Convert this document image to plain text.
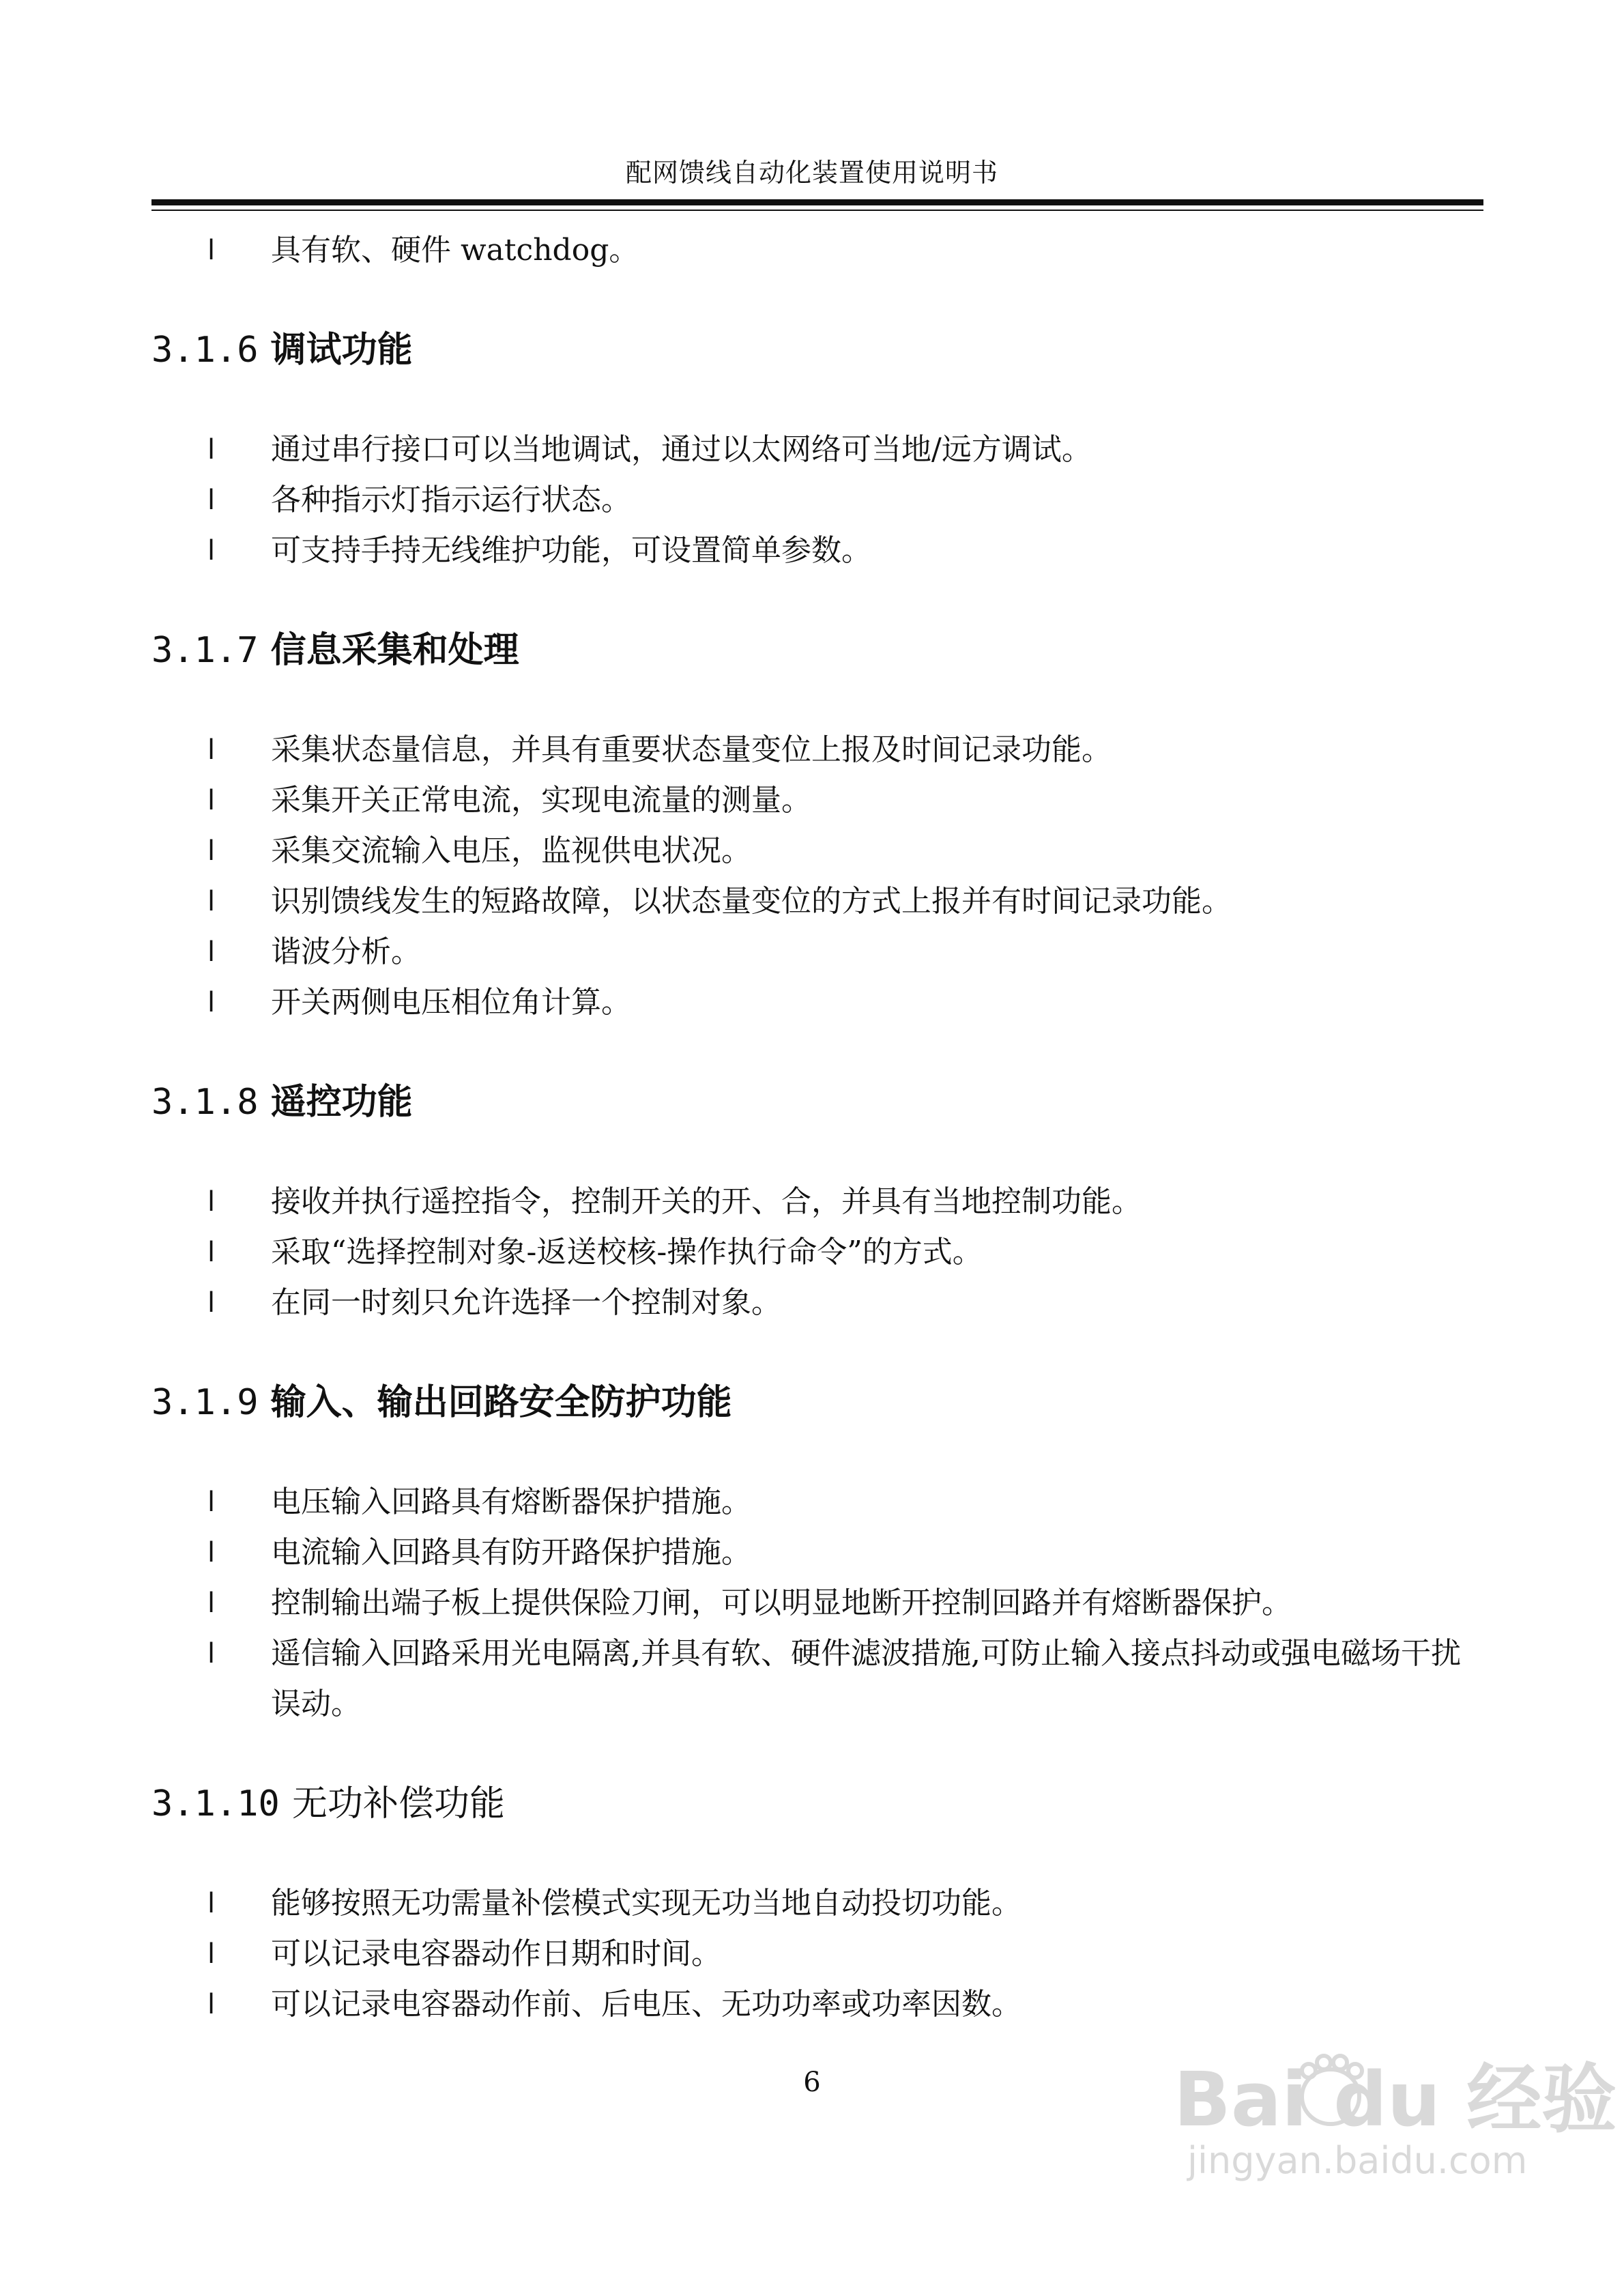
配网馈线自动化装置使用说明书
l 具有软、硬件 watchdog。
3.1.6 调试功能
l 通过串行接口可以当地调试，通过以太网络可当地/远方调试。
l 各种指示灯指示运行状态。
l 可支持手持无线维护功能，可设置简单参数。
3.1.7 信息采集和处理
l 采集状态量信息，并具有重要状态量变位上报及时间记录功能。
l 采集开关正常电流，实现电流量的测量。
l 采集交流输入电压，监视供电状况。
l 识别馈线发生的短路故障，以状态量变位的方式上报并有时间记录功能。
l 谐波分析。
l 开关两侧电压相位角计算。
3.1.8 遥控功能
l 接收并执行遥控指令，控制开关的开、合，并具有当地控制功能。
l 采取“选择控制对象-返送校核-操作执行命令”的方式。
l 在同一时刻只允许选择一个控制对象。
3.1.9 输入、输出回路安全防护功能
l 电压输入回路具有熔断器保护措施。
l 电流输入回路具有防开路保护措施。
l 控制输出端子板上提供保险刀闸，可以明显地断开控制回路并有熔断器保护。
l 遥信输入回路采用光电隔离,并具有软、硬件滤波措施,可防止输入接点抖动或强电磁场干扰误动。
3.1.10 无功补偿功能
l 能够按照无功需量补偿模式实现无功当地自动投切功能。
l 可以记录电容器动作日期和时间。
l 可以记录电容器动作前、后电压、无功功率或功率因数。
6	Bai du 经验
jingyan.baidu.com
